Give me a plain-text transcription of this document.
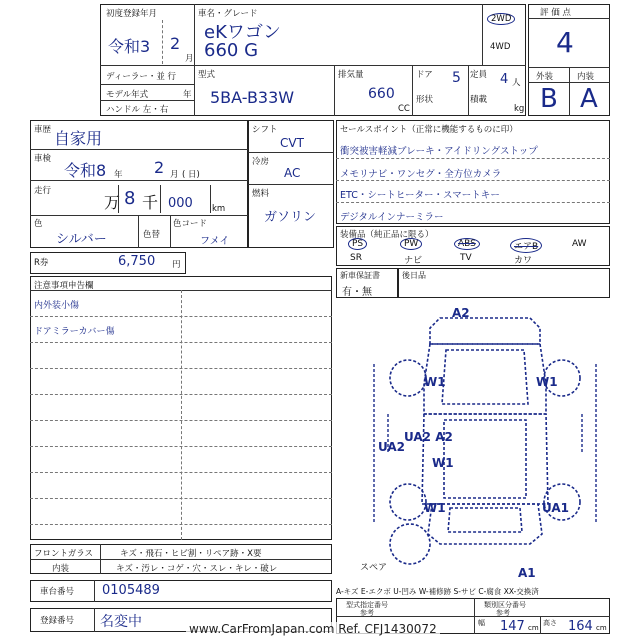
初度登録年月
令和3 2
月
車名・グレード
eKワゴン
660 G
2WD
4WD
ディーラー・並 行
モデル年式	年
ハンドル 左・右
型式
5BA-B33W
排気量
660
CC
ドア 5
形状
定員 4 人
積載
kg
評 価 点
4
外装	内装
B A
車歴 自家用
車検
令和8 年 2 月 ( 日)
走行
万 8 千 000 km
色
シルバー	色替
色コード
フメイ
シフト
CVT
冷房
AC
燃料
ガソリン
R券	6,750 円
セールスポイント（正常に機能するものに印）
衝突被害軽減ブレーキ・アイドリングストップ
メモリナビ・ワンセグ・全方位カメラ
ETC・シートヒーター・スマートキー
デジタルインナーミラー
装備品（純正品に限る）
PS	PW	ABS	エアB	AW
SR	ナビ	TV	カワ
新車保証書
有・無
後日品
注意事項申告欄
内外装小傷
ドアミラーカバー傷
A2
W1	W1
UA2 A2
W1
UA2
W1	UA1
A1
スペア
A-キズ E-エクボ U-凹み W-補修跡 S-サビ C-腐食 XX-交換済
フロントガラス	キズ・飛石・ヒビ割・リペア跡・X要
内装	キズ・汚レ・コゲ・穴・スレ・キレ・破レ
車台番号 0105489
登録番号 名変中
型式指定番号
参考
類別区分番号
参考
幅 147 cm
高さ 164 cm
www.CarFromJapan.com Ref. CFJ1430072
